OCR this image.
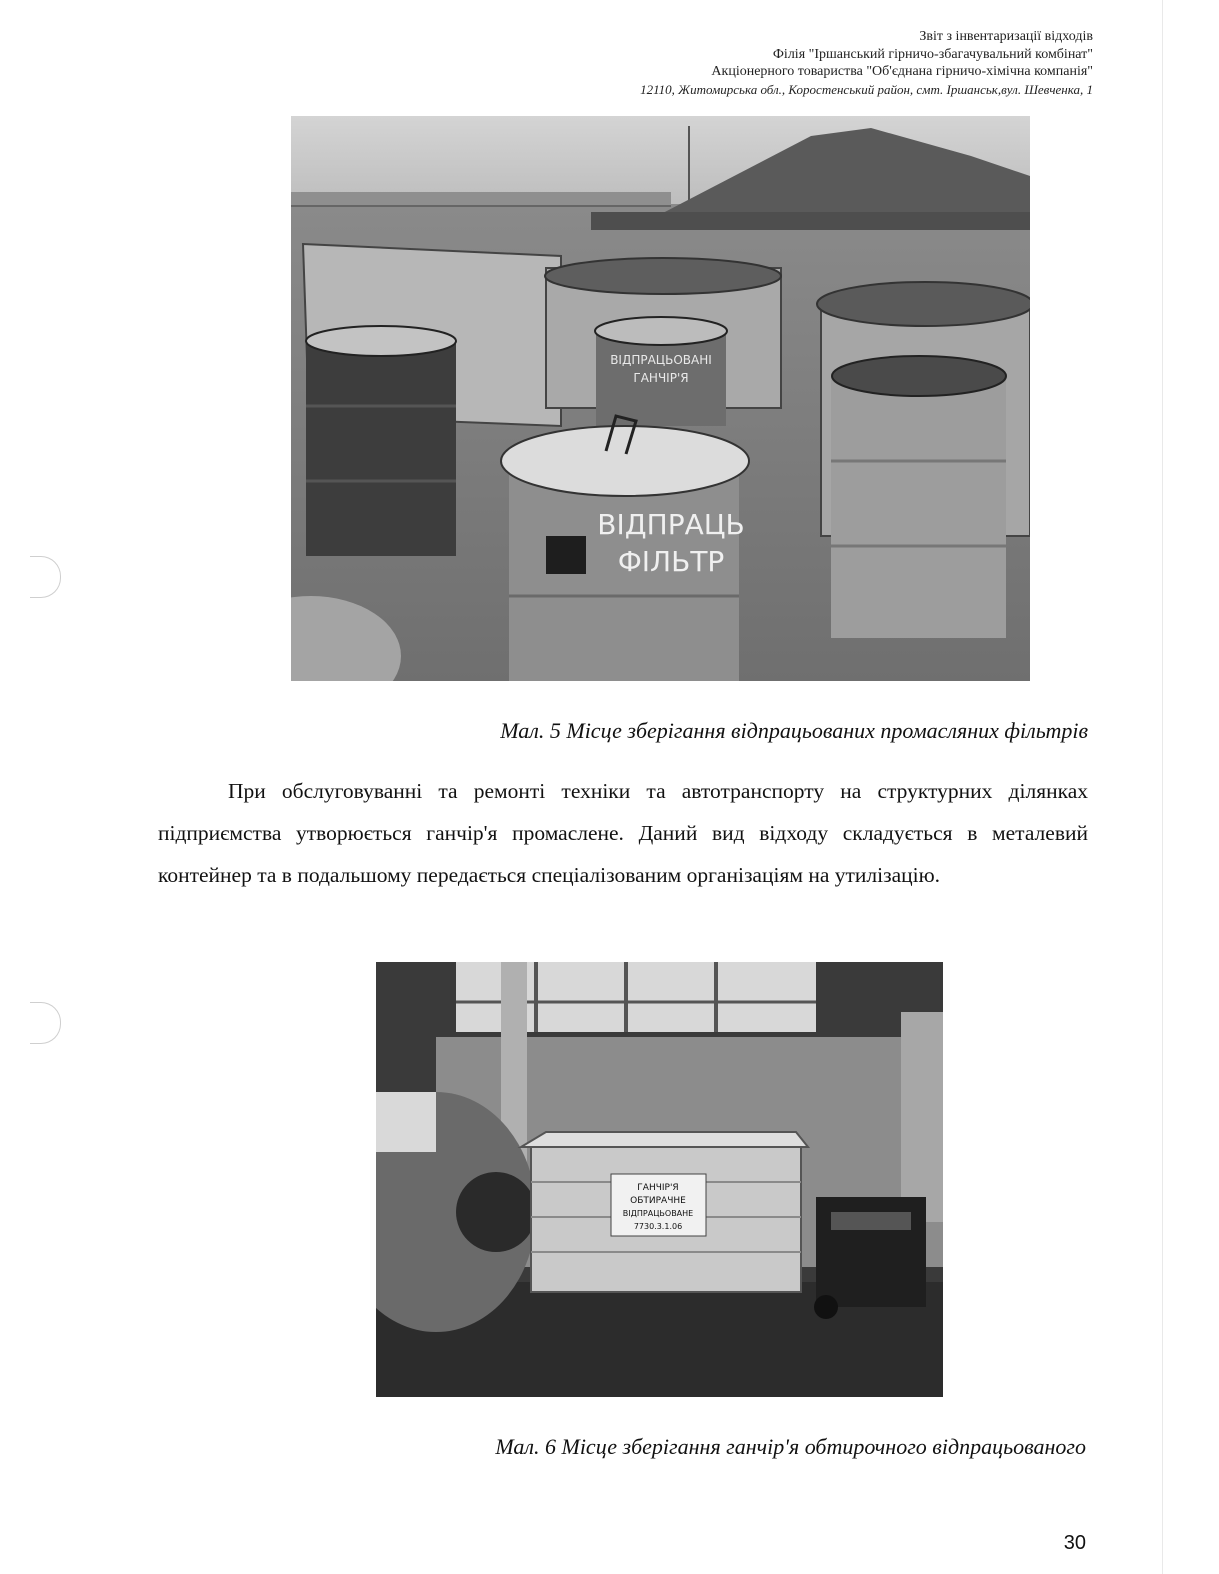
Звіт з інвентаризації відходів
Філія "Іршанський гірничо-збагачувальний комбінат"
Акціонерного товариства "Об'єднана гірничо-хімічна компанія"
12110, Житомирська обл., Коростенський район, смт. Іршанськ,вул. Шевченка, 1
ВІДПРАЦЬОВАНІ
ГАНЧІР'Я
ВІДПРАЦЬ
ФІЛЬТР
Мал. 5 Місце зберігання відпрацьованих промасляних фільтрів

При обслуговуванні та ремонті техніки та автотранспорту на структурних ділянках підприємства утворюється ганчір'я промаслене. Даний вид відходу складується в металевий контейнер та в подальшому передається спеціалізованим організаціям на утилізацію.

ГАНЧІР'Я
ОБТИРАЧНЕ
ВІДПРАЦЬОВАНЕ
7730.3.1.06
Мал. 6 Місце зберігання ганчір'я обтирочного відпрацьованого
30
